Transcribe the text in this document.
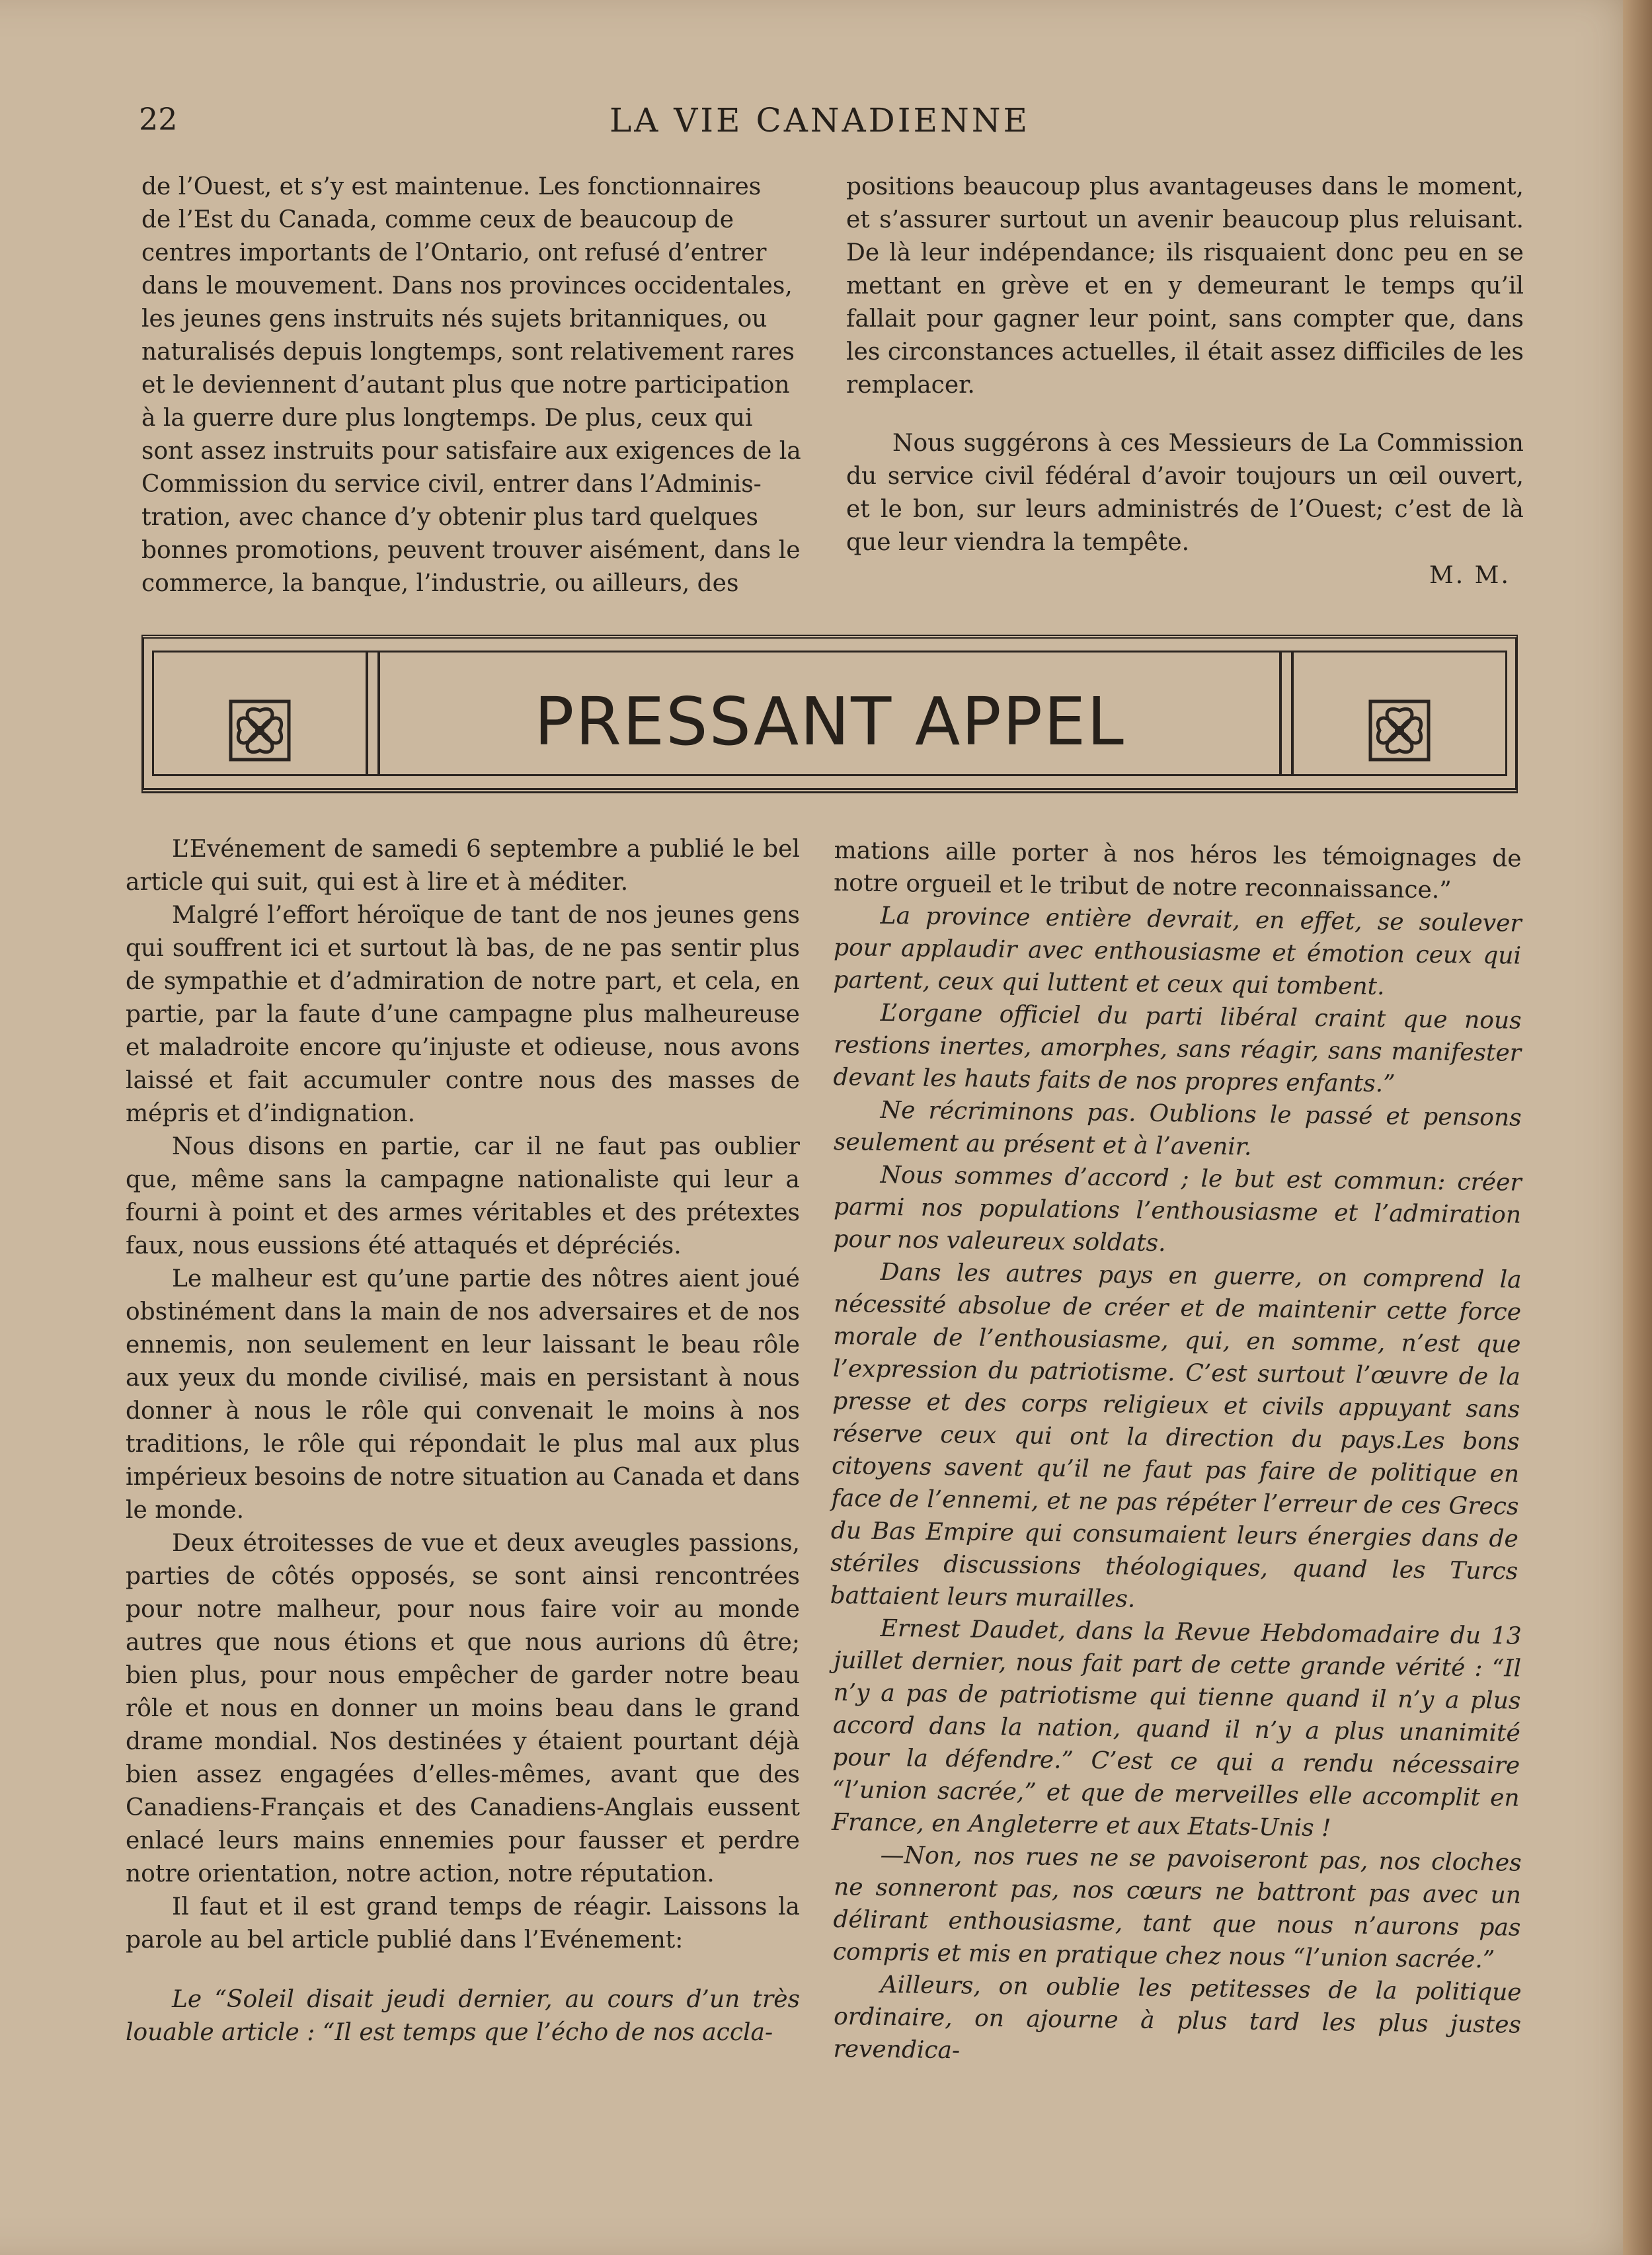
22	LA VIE CANADIENNE
de l’Ouest, et s’y est maintenue. Les fonctionnaires
de l’Est du Canada, comme ceux de beaucoup de
centres importants de l’Ontario, ont refusé d’entrer
dans le mouvement. Dans nos provinces occidentales,
les jeunes gens instruits nés sujets britanniques, ou
naturalisés depuis longtemps, sont relativement rares
et le deviennent d’autant plus que notre participation
à la guerre dure plus longtemps. De plus, ceux qui
sont assez instruits pour satisfaire aux exigences de la
Commission du service civil, entrer dans l’Adminis-
tration, avec chance d’y obtenir plus tard quelques
bonnes promotions, peuvent trouver aisément, dans le
commerce, la banque, l’industrie, ou ailleurs, des

positions beaucoup plus avantageuses dans le moment, et s’assurer surtout un avenir beaucoup plus reluisant. De là leur indépendance; ils risquaient donc peu en se mettant en grève et en y demeurant le temps qu’il fallait pour gagner leur point, sans compter que, dans les circonstances actuelles, il était assez difficiles de les remplacer.

Nous suggérons à ces Messieurs de La Commission du service civil fédéral d’avoir toujours un œil ouvert, et le bon, sur leurs administrés de l’Ouest; c’est de là que leur viendra la tempête.

M. M.

PRESSANT APPEL

L’Evénement de samedi 6 septembre a publié le bel article qui suit, qui est à lire et à méditer.

Malgré l’effort héroïque de tant de nos jeunes gens qui souffrent ici et surtout là bas, de ne pas sentir plus de sympathie et d’admiration de notre part, et cela, en partie, par la faute d’une campagne plus malheureuse et maladroite encore qu’injuste et odieuse, nous avons laissé et fait accumuler contre nous des masses de mépris et d’indignation.

Nous disons en partie, car il ne faut pas oublier que, même sans la campagne nationaliste qui leur a fourni à point et des armes véritables et des prétextes faux, nous eussions été attaqués et dépréciés.

Le malheur est qu’une partie des nôtres aient joué obstinément dans la main de nos adversaires et de nos ennemis, non seulement en leur laissant le beau rôle aux yeux du monde civilisé, mais en persistant à nous donner à nous le rôle qui convenait le moins à nos traditions, le rôle qui répondait le plus mal aux plus impérieux besoins de notre situation au Canada et dans le monde.

Deux étroitesses de vue et deux aveugles passions, parties de côtés opposés, se sont ainsi rencontrées pour notre malheur, pour nous faire voir au monde autres que nous étions et que nous aurions dû être; bien plus, pour nous empêcher de garder notre beau rôle et nous en donner un moins beau dans le grand drame mondial. Nos destinées y étaient pourtant déjà bien assez engagées d’elles-mêmes, avant que des Canadiens-Français et des Canadiens-Anglais eussent enlacé leurs mains ennemies pour fausser et perdre notre orientation, notre action, notre réputation.

Il faut et il est grand temps de réagir. Laissons la parole au bel article publié dans l’Evénement:

Le “Soleil disait jeudi dernier, au cours d’un très louable article : “Il est temps que l’écho de nos accla-

mations aille porter à nos héros les témoignages de notre orgueil et le tribut de notre reconnaissance.”

La province entière devrait, en effet, se soulever pour applaudir avec enthousiasme et émotion ceux qui partent, ceux qui luttent et ceux qui tombent.

L’organe officiel du parti libéral craint que nous restions inertes, amorphes, sans réagir, sans manifester devant les hauts faits de nos propres enfants.”

Ne récriminons pas. Oublions le passé et pensons seulement au présent et à l’avenir.

Nous sommes d’accord ; le but est commun: créer parmi nos populations l’enthousiasme et l’admiration pour nos valeureux soldats.

Dans les autres pays en guerre, on comprend la nécessité absolue de créer et de maintenir cette force morale de l’enthousiasme, qui, en somme, n’est que l’expression du patriotisme. C’est surtout l’œuvre de la presse et des corps religieux et civils appuyant sans réserve ceux qui ont la direction du pays.Les bons citoyens savent qu’il ne faut pas faire de politique en face de l’ennemi, et ne pas répéter l’erreur de ces Grecs du Bas Empire qui consumaient leurs énergies dans de stériles discussions théologiques, quand les Turcs battaient leurs murailles.

Ernest Daudet, dans la Revue Hebdomadaire du 13 juillet dernier, nous fait part de cette grande vérité : “Il n’y a pas de patriotisme qui tienne quand il n’y a plus accord dans la nation, quand il n’y a plus unanimité pour la défendre.” C’est ce qui a rendu nécessaire “l’union sacrée,” et que de merveilles elle accomplit en France, en Angleterre et aux Etats-Unis !

—Non, nos rues ne se pavoiseront pas, nos cloches ne sonneront pas, nos cœurs ne battront pas avec un délirant enthousiasme, tant que nous n’aurons pas compris et mis en pratique chez nous “l’union sacrée.”

Ailleurs, on oublie les petitesses de la politique ordinaire, on ajourne à plus tard les plus justes revendica-
